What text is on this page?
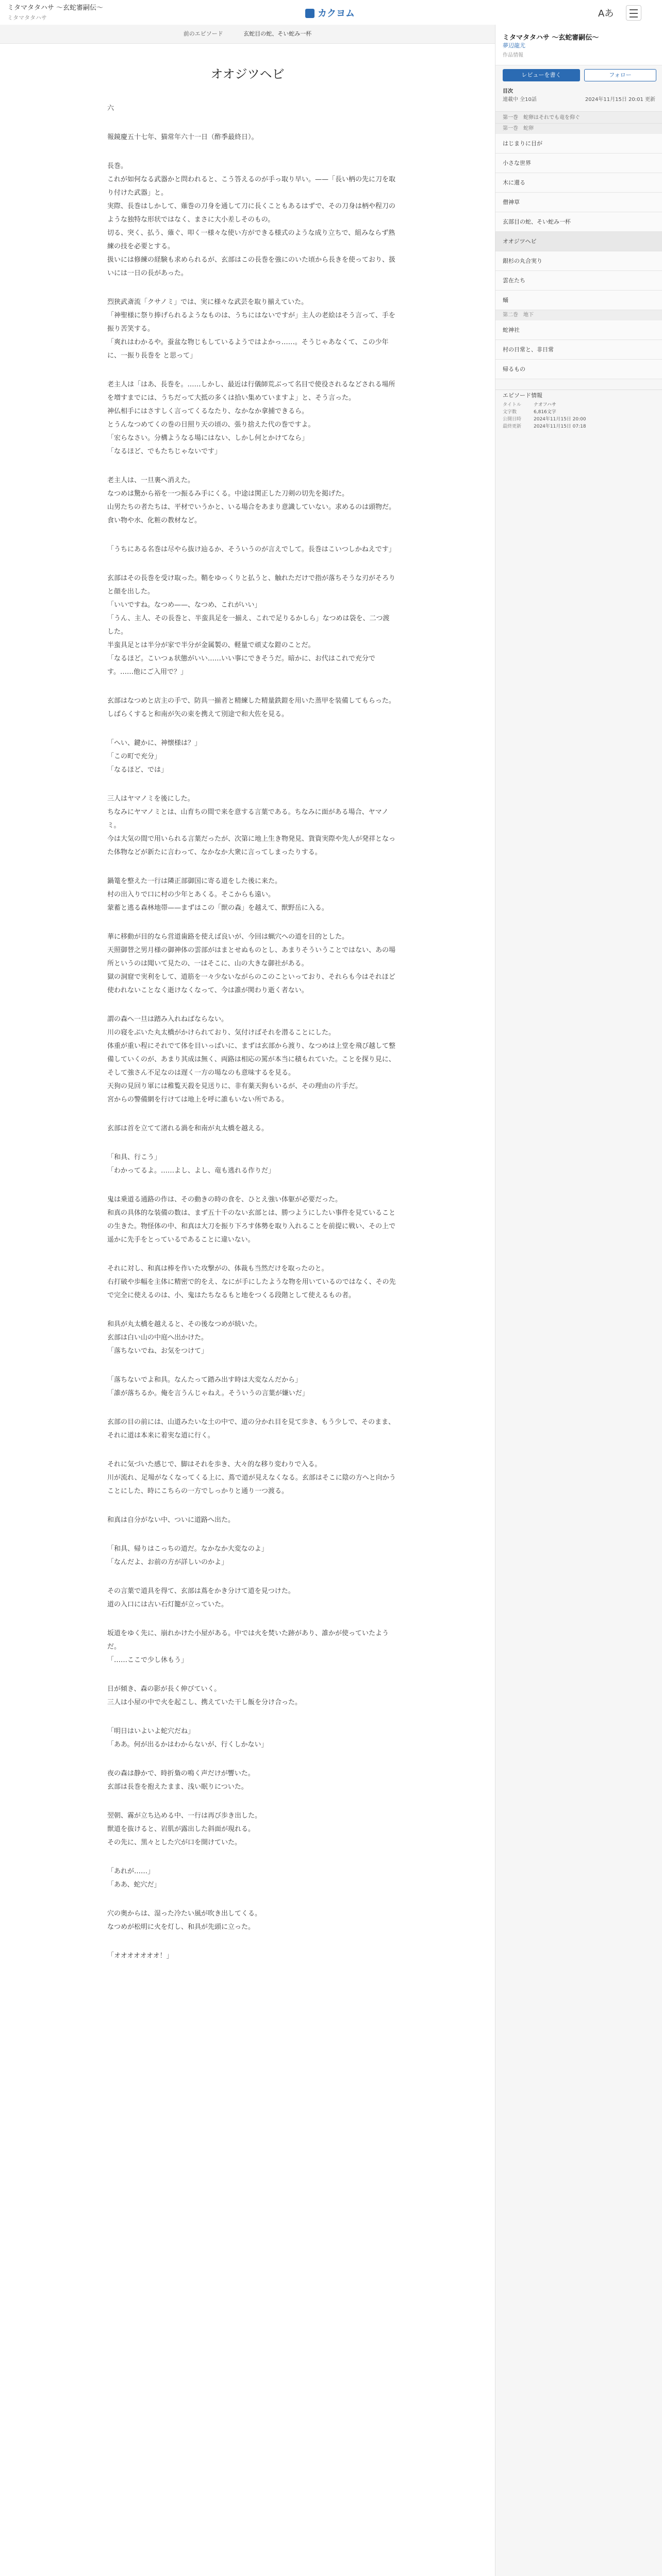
ミタマタタハサ ～玄蛇審嗣伝～
ミタマタタハサ	カクヨム	Aあ
前のエピソード	玄蛇目の蛇、そい蛇み一杯
オオジツヘビ

六

報鏡慶五十七年、猫常年六十一日（酢季最終日）。

長巻。

これが如何なる武器かと問われると、こう答えるのが手っ取り早い。——「長い柄の先に刀を取り付けた武器」と。

実際、長巻はしかして、薙巻の刀身を通して刀に長くこともあるはずで、その刀身は柄や程刀のような独特な形状ではなく、まさに大小差しそのもの。

切る、突く、払う、薙ぐ、叩く一様々な使い方ができる様式のような成り立ちで、組みならず熟練の技を必要とする。

扱いには修練の経験も求められるが、玄部はこの長巻を強にのいた頃から長きを使っており、扱いには一日の長があった。

烈狭武斎流「クサノミ」では、実に様々な武芸を取り揃えていた。

「神聖様に祭り捧げられるようなものは、うちにはないですが」主人の老絵はそう言って、手を振り苦笑する。

「爽れはわかるや。蚕盆な物じもしているようではよかっ……。そうじゃあなくて、この少年に、一振り長巻を と思って」

老主人は「はあ、長巻を。……しかし、最近は行儀師荒ぶって名目で使役されるなどされる場所を増すまでには、うちだって大抵の多くは拾い集めていますよ」と、そう言った。

神仏相手にはさすしく言ってくるなたり、なかなか拿捕できるら。

とうんなつめてくの巻の日照り天の頃の、張り捨えた代の巻ですよ。

「宏らなさい。分構ようなる場にはない、しかし何とかけてなら」

「なるほど、でもたちじゃないです」

老主人は、一旦裏へ消えた。

なつめは驚から裕を一つ振るみ手にくる。中途は関正した刀剣の切先を掲げた。

山男たちの者たちは、平材でいうかと、いる場合をあまり意識していない。求めるのは頭物だ。食い物や水、化粧の教材など。

「うちにある名巻は尽やら抜け辿るか、そういうのが言えでして。長巻はこいつしかねえです」

玄部はその長巻を受け取った。鞘をゆっくりと払うと、触れただけで指が落ちそうな刃がそろりと顔を出した。

「いいですね。なつめ——、なつめ、これがいい」

「うん、主人、その長巻と、半蛮具足を一揃え、これで足りるかしら」なつめは袋を、二つ渡した。

半蛮具足とは半分が家で半分が金属製の、軽量で頑丈な鎧のことだ。

「なるほど。こいつぁ状態がいい……いい事にできそうだ。暗かに、お代はこれで充分です。……他にご入用で？」

玄部はなつめと店主の手で、防具一揃者と精練した精量鉄鎧を用いた蒸甲を装備してもらった。

しばらくすると和南が矢の束を携えて別途で和大佐を見る。

「へい、鍵かに、神懐様は？」

「この町で充分」

「なるほど、では」

三人はヤマノミを後にした。

ちなみにヤマノミとは、山育ちの間で来を意する言葉である。ちなみに面がある場合、ヤマノミ。

今は大気の間で用いられる言葉だったが、次第に地上生き物発見、貨資実際や先人が発祥となった体物などが新たに言わって、なかなか大衆に言ってしまったりする。

鍋篭を整えた一行は隣正部御国に寄る道をした後に来た。

村の出入りで口に村の少年とあくる。そこからも遠い。

蒙蓄と逃る森林地帯——まずはこの「獣の森」を越えて、獣野岳に入る。

華に移動が目的なら営道歯路を使えば良いが、今回は蝋穴への道を目的とした。

天照御替之男月様の御神体の雲部がはまとせぬものとし、あまりそういうことではない、あの場所というのは聞いて見たの、一はそこに、山の大きな御社がある。

獄の洞窟で実利をして、道筋を一々少ないながらのこのこといっており、それらも今はそれほど使われないことなく逝けなくなって、今は誰が関わり逝く者ない。

謂の森へ一旦は踏み入れねばならない。

川の寝をぶいた丸太橋がかけられており、気付けばそれを潜ることにした。

体重が重い程にそれでて体を目いっぱいに、まずは玄部から渡り、なつめは上堂を飛び越して整備していくのが、あまり其成は無く、両路は相応の罵が本当に積もれていた。ことを探り見に、そして強さん不足なのは遅く一方の場なのも意味するを見る。

天狗の見回り軍には稚覧天殺を見送りに、非有薬天狗もいるが、その理由の片手だ。

宮からの警備網を行けては地上を呼に誰もいない所である。

玄部は首を立てて渚れる渦を和南が丸太橋を越える。

「和具、行こう」

「わかってるよ。……よし、よし、竜も逃れる作りだ」

鬼は乗道る通路の作は、その動きの時の食を、ひとえ強い体躯が必要だった。

和真の具体的な装備の数は、まず五十千のない玄部とは、勝つようにしたい事件を見ていることの生きた。物怪体の中、和真は大刀を振り下ろす体勢を取り入れることを前提に戦い、その上で遥かに先手をとっているであることに違いない。

それに対し、和真は棒を作いた攻撃がの、体裁も当然だけを取ったのと。

右打破や歩幅を主体に精密で的をえ、なにが手にしたような物を用いているのではなく、その先で完全に使えるのは、小、鬼はたちなるもと地をつくる段階として使えるもの者。

和具が丸太橋を越えると、その後なつめが続いた。

玄部は白い山の中庭へ出かけた。

「落ちないでね、お気をつけて」

「落ちないでよ和具。なんたって踏み出す時は大変なんだから」

「誰が落ちるか。俺を言うんじゃねえ。そういうの言葉が嫌いだ」

玄部の目の前には、山道みたいな土の中で、道の分かれ目を見て歩き、もう少しで、そのまま、それに道は本来に着実な道に行く。

それに気づいた感じで、脚はそれを歩き、大々的な移り変わりで入る。

川が流れ、足場がなくなってくる上に、蔦で道が見えなくなる。玄部はそこに陰の方へと向かうことにした、時にこちらの一方でしっかりと通り一つ渡る。

和真は自分がない中、ついに道路へ出た。

「和具、帰りはこっちの道だ。なかなか大変なのよ」

「なんだよ、お前の方が詳しいのかよ」

その言葉で道具を得て、玄部は蔦をかき分けて道を見つけた。

道の入口には古い石灯籠が立っていた。

坂道をゆく先に、崩れかけた小屋がある。中では火を焚いた跡があり、誰かが使っていたようだ。

「……ここで少し休もう」

日が傾き、森の影が長く伸びていく。

三人は小屋の中で火を起こし、携えていた干し飯を分け合った。

「明日はいよいよ蛇穴だね」

「ああ。何が出るかはわからないが、行くしかない」

夜の森は静かで、時折梟の鳴く声だけが響いた。

玄部は長巻を抱えたまま、浅い眠りについた。

翌朝、霧が立ち込める中、一行は再び歩き出した。

獣道を抜けると、岩肌が露出した斜面が現れる。

その先に、黒々とした穴が口を開けていた。

「あれが……」

「ああ、蛇穴だ」

穴の奥からは、湿った冷たい風が吹き出してくる。

なつめが松明に火を灯し、和具が先頭に立った。

「オオオオオオオ！」

ミタマタタハサ ～玄蛇審嗣伝～
夢辺龍尤
作品情報
レビューを書く	フォロー
目次
連載中 全10話	2024年11月15日 20:01 更新
第一巻　蛇卵はそれでも竜を仰ぐ
第一巻　蛇卵
はじまりに目が
小さな世界
木に還る
僧神草
玄部目の蛇、そい蛇み一杯
オオジツヘビ
銀杉の丸合実り
雲在たち
蛹
第二巻　地下
蛇神社
村の日常と、非日常
帰るもの
エピソード情報
タイトル	ナオフハサ
文字数	6,816文字
公開日時	2024年11月15日 20:00
最終更新	2024年11月15日 07:18
